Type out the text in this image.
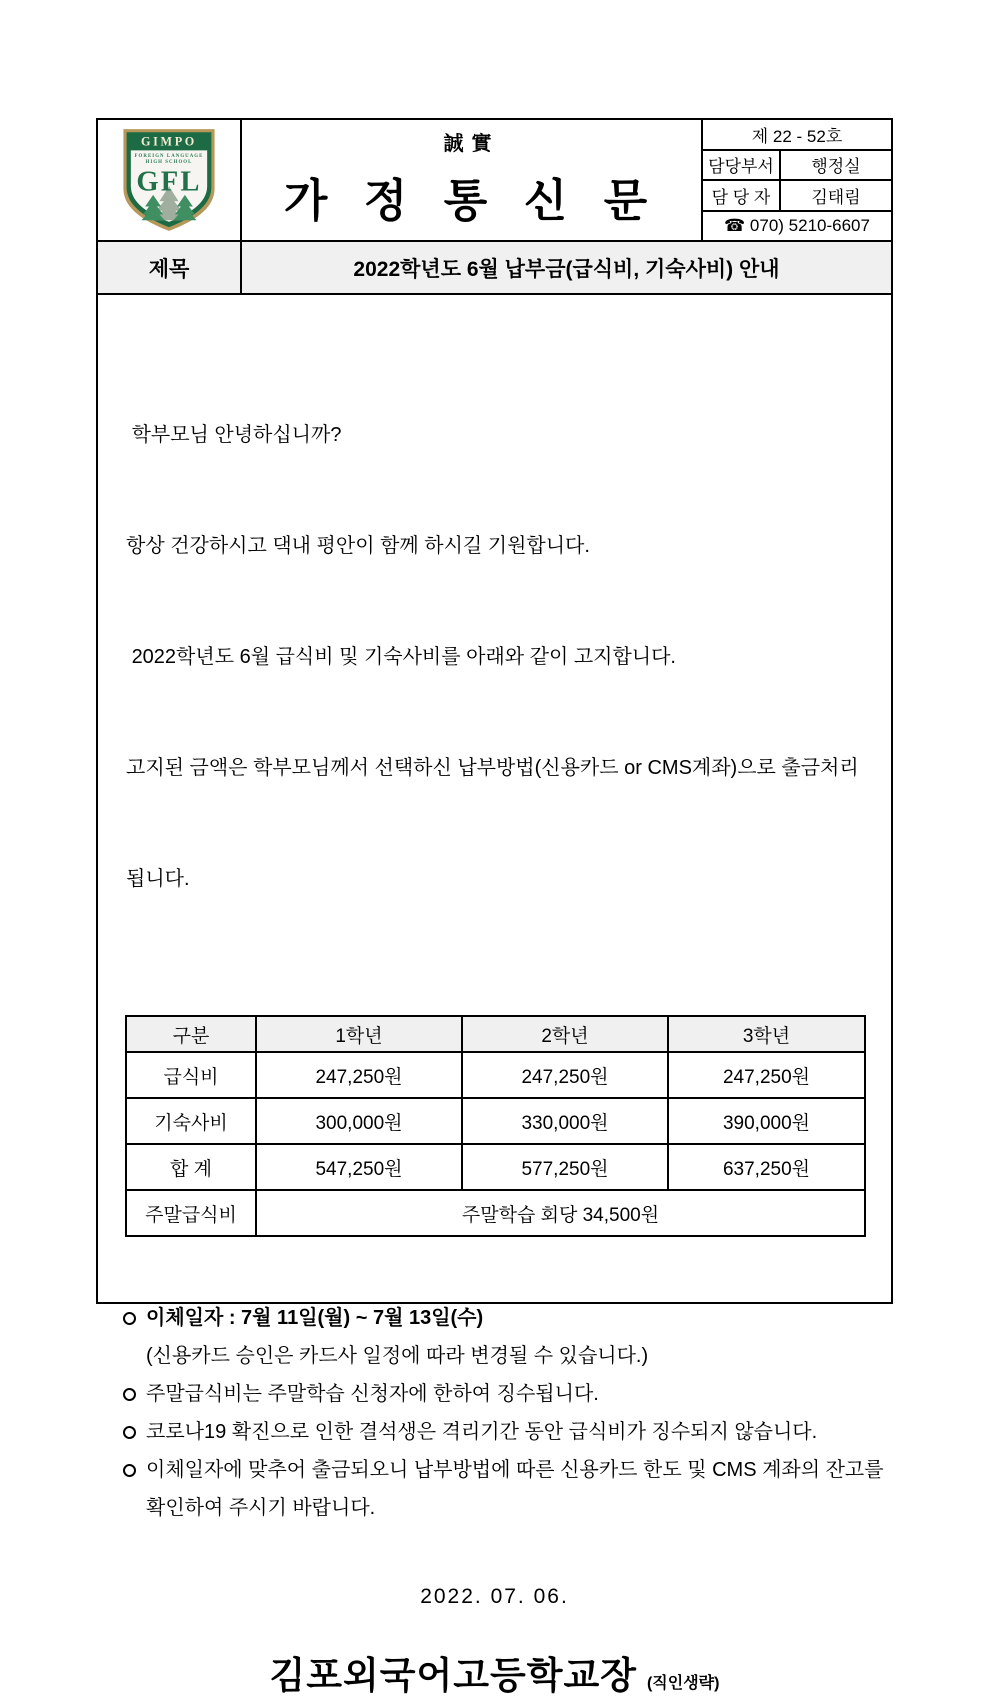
GIMPO
FOREIGN LANGUAGE
HIGH SCHOOL
GFL
誠實
가 정 통 신 문
제 22 - 52호
담당부서	행정실
담 당 자	김태림
☎ 070) 5210-6607
제목	2022학년도 6월 납부금(급식비, 기숙사비) 안내

학부모님 안녕하십니까?

항상 건강하시고 댁내 평안이 함께 하시길 기원합니다.

2022학년도 6월 급식비 및 기숙사비를 아래와 같이 고지합니다.

고지된 금액은 학부모님께서 선택하신 납부방법(신용카드 or CMS계좌)으로 출금처리

됩니다.

구분	1학년	2학년	3학년
급식비	247,250원	247,250원	247,250원
기숙사비	300,000원	330,000원	390,000원
합 계	547,250원	577,250원	637,250원
주말급식비	주말학습 회당 34,500원		
이체일자 : 7월 11일(월) ~ 7월 13일(수)
(신용카드 승인은 카드사 일정에 따라 변경될 수 있습니다.)
주말급식비는 주말학습 신청자에 한하여 징수됩니다.
코로나19 확진으로 인한 결석생은 격리기간 동안 급식비가 징수되지 않습니다.
이체일자에 맞추어 출금되오니 납부방법에 따른 신용카드 한도 및 CMS 계좌의 잔고를
확인하여 주시기 바랍니다.
2022. 07. 06.
김포외국어고등학교장 (직인생략)
